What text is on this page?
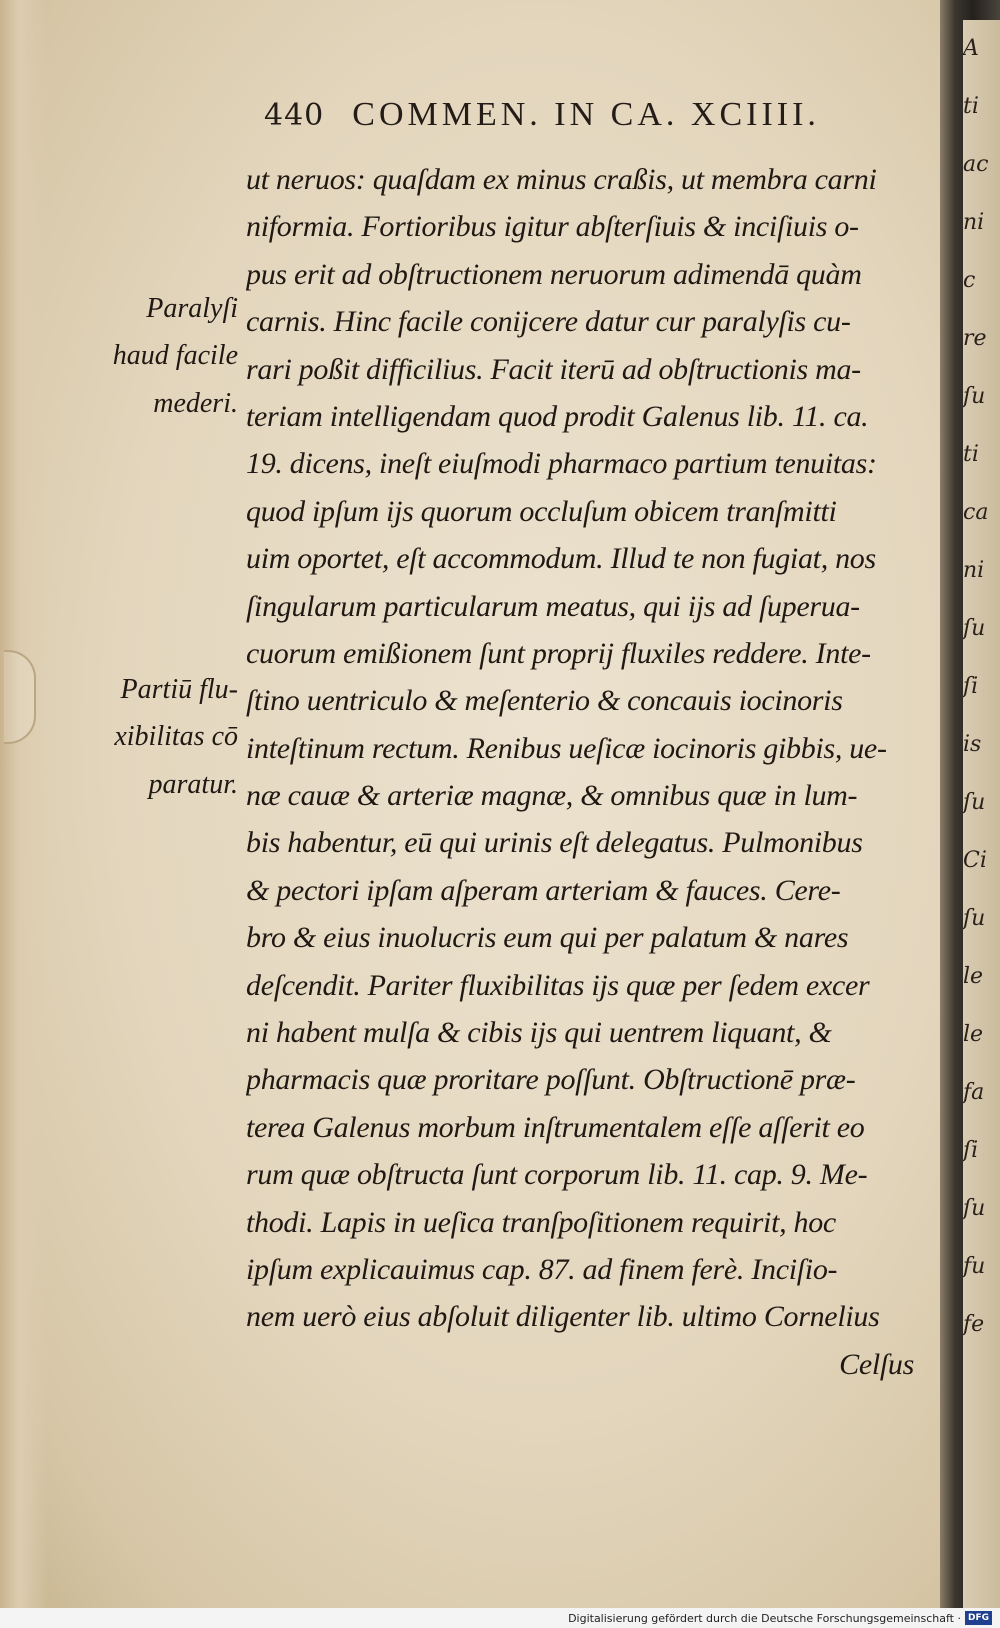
440 COMMEN. IN CA. XCIIII.
Paralyſi
haud facile
mederi.
Partiū flu-
xibilitas cō
paratur.
ut neruos: quaſdam ex minus craßis, ut membra carni
niformia. Fortioribus igitur abſterſiuis & inciſiuis o-
pus erit ad obſtructionem neruorum adimendā quàm
carnis. Hinc facile conijcere datur cur paralyſis cu-
rari poßit difficilius. Facit iterū ad obſtructionis ma-
teriam intelligendam quod prodit Galenus lib. 11. ca.
19. dicens, ineſt eiuſmodi pharmaco partium tenuitas:
quod ipſum ijs quorum occluſum obicem tranſmitti
uim oportet, eſt accommodum. Illud te non fugiat, nos
ſingularum particularum meatus, qui ijs ad ſuperua-
cuorum emißionem ſunt proprij fluxiles reddere. Inte-
ſtino uentriculo & meſenterio & concauis iocinoris
inteſtinum rectum. Renibus ueſicæ iocinoris gibbis, ue-
næ cauæ & arteriæ magnæ, & omnibus quæ in lum-
bis habentur, eū qui urinis eſt delegatus. Pulmonibus
& pectori ipſam aſperam arteriam & fauces. Cere-
bro & eius inuolucris eum qui per palatum & nares
deſcendit. Pariter fluxibilitas ijs quæ per ſedem excer
ni habent mulſa & cibis ijs qui uentrem liquant, &
pharmacis quæ proritare poſſunt. Obſtructionē præ-
terea Galenus morbum inſtrumentalem eſſe aſſerit eo
rum quæ obſtructa ſunt corporum lib. 11. cap. 9. Me-
thodi. Lapis in ueſica tranſpoſitionem requirit, hoc
ipſum explicauimus cap. 87. ad finem ferè. Inciſio-
nem uerò eius abſoluit diligenter lib. ultimo Cornelius
Celſus
A
ti
ac
ni
c
re
ſu
ti
ca
ni
ſu
ſi
is
ſu
Ci
ſu
le
le
fa
ſi
ſu
fu
fe
Digitalisierung gefördert durch die Deutsche Forschungsgemeinschaft · DFG
